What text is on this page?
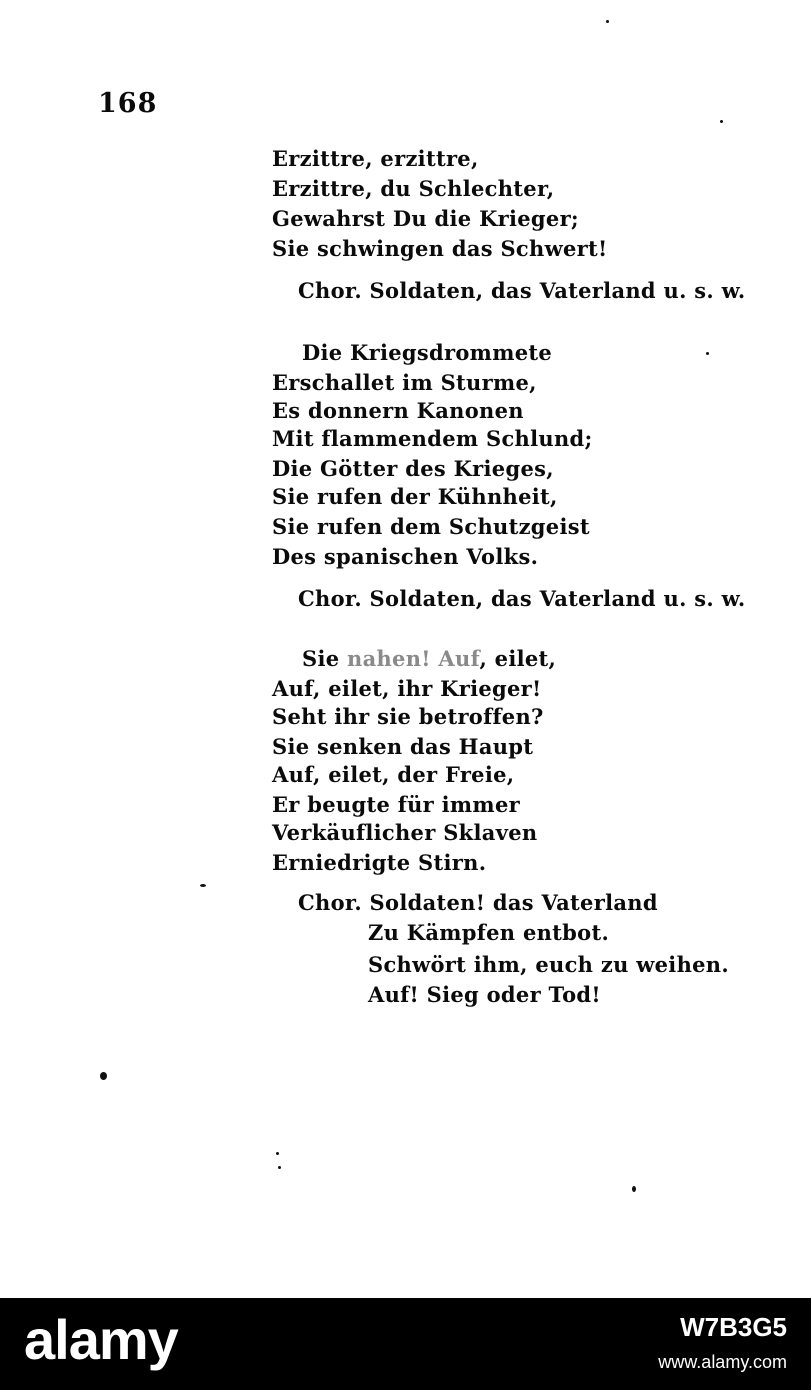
168
Erzittre, erzittre,
Erzittre, du Schlechter,
Gewahrst Du die Krieger;
Sie schwingen das Schwert!
Chor. Soldaten, das Vaterland u. s. w.
Die Kriegsdrommete
Erschallet im Sturme,
Es donnern Kanonen
Mit flammendem Schlund;
Die Götter des Krieges,
Sie rufen der Kühnheit,
Sie rufen dem Schutzgeist
Des spanischen Volks.
Chor. Soldaten, das Vaterland u. s. w.
Sie nahen! Auf, eilet,
Auf, eilet, ihr Krieger!
Seht ihr sie betroffen?
Sie senken das Haupt
Auf, eilet, der Freie,
Er beugte für immer
Verkäuflicher Sklaven
Erniedrigte Stirn.
Chor. Soldaten! das Vaterland
Zu Kämpfen entbot.
Schwört ihm, euch zu weihen.
Auf! Sieg oder Tod!
alamy	W7B3G5
www.alamy.com
